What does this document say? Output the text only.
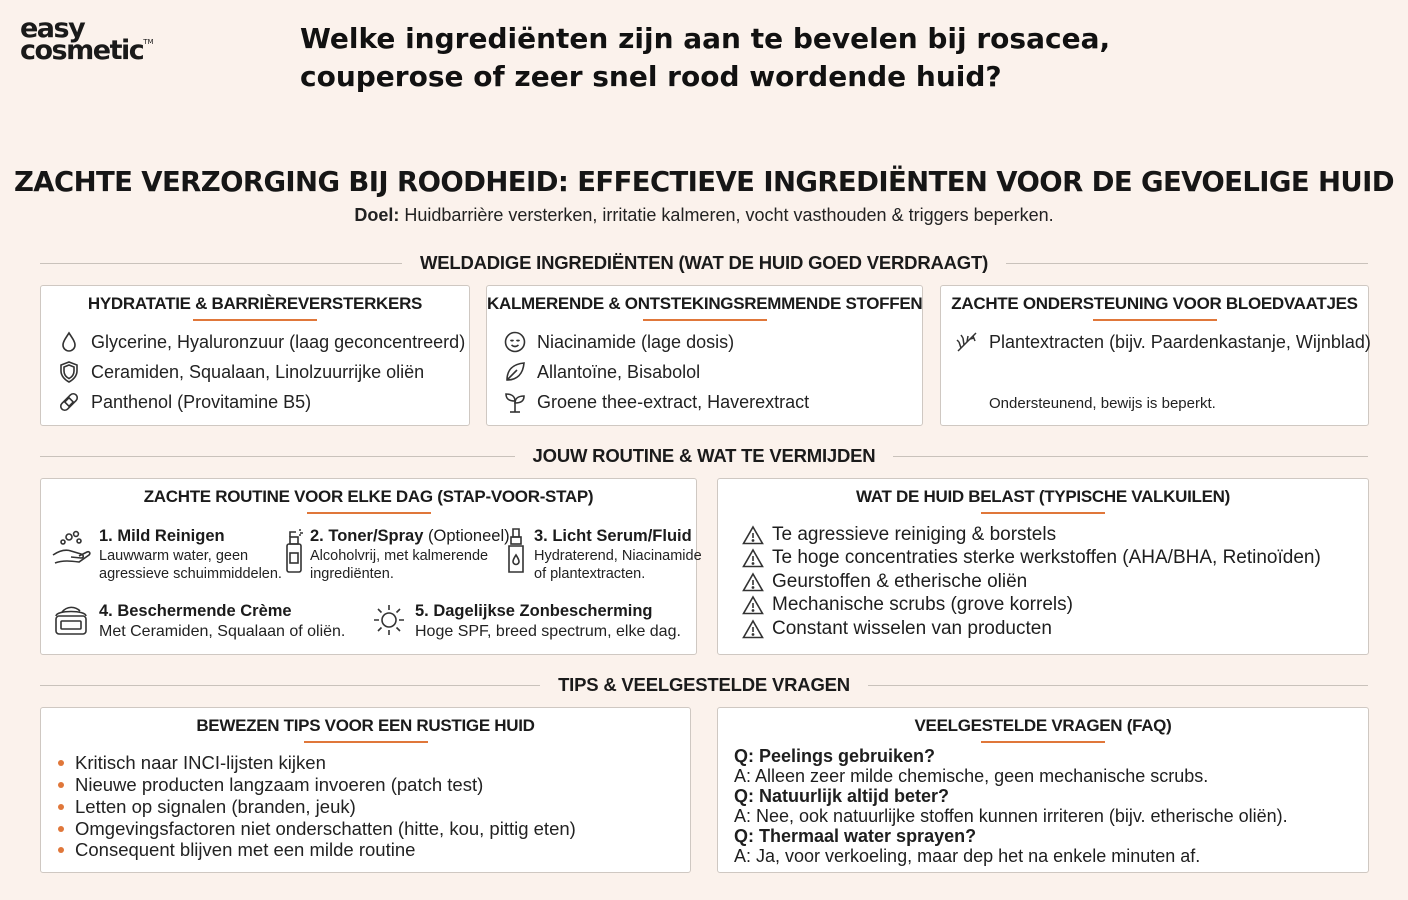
easy
cosmetic™	Welke ingrediënten zijn aan te bevelen bij rosacea,
couperose of zeer snel rood wordende huid?
ZACHTE VERZORGING BIJ ROODHEID: EFFECTIEVE INGREDIËNTEN VOOR DE GEVOELIGE HUID
Doel: Huidbarrière versterken, irritatie kalmeren, vocht vasthouden & triggers beperken.
WELDADIGE INGREDIËNTEN (WAT DE HUID GOED VERDRAAGT)
HYDRATATIE & BARRIÈREVERSTERKERS
Glycerine, Hyaluronzuur (laag geconcentreerd)
Ceramiden, Squalaan, Linolzuurrijke oliën
Panthenol (Provitamine B5)
KALMERENDE & ONTSTEKINGSREMMENDE STOFFEN
Niacinamide (lage dosis)
Allantoïne, Bisabolol
Groene thee-extract, Haverextract
ZACHTE ONDERSTEUNING VOOR BLOEDVAATJES
Plantextracten (bijv. Paardenkastanje, Wijnblad)
Ondersteunend, bewijs is beperkt.
JOUW ROUTINE & WAT TE VERMIJDEN
ZACHTE ROUTINE VOOR ELKE DAG (STAP-VOOR-STAP)
1. Mild Reinigen
Lauwwarm water, geen
agressieve schuimmiddelen.
2. Toner/Spray (Optioneel)
Alcoholvrij, met kalmerende
ingrediënten.
3. Licht Serum/Fluid
Hydraterend, Niacinamide
of plantextracten.
4. Beschermende Crème
Met Ceramiden, Squalaan of oliën.
5. Dagelijkse Zonbescherming
Hoge SPF, breed spectrum, elke dag.
WAT DE HUID BELAST (TYPISCHE VALKUILEN)
Te agressieve reiniging & borstels
Te hoge concentraties sterke werkstoffen (AHA/BHA, Retinoïden)
Geurstoffen & etherische oliën
Mechanische scrubs (grove korrels)
Constant wisselen van producten
TIPS & VEELGESTELDE VRAGEN
BEWEZEN TIPS VOOR EEN RUSTIGE HUID
Kritisch naar INCI-lijsten kijken
Nieuwe producten langzaam invoeren (patch test)
Letten op signalen (branden, jeuk)
Omgevingsfactoren niet onderschatten (hitte, kou, pittig eten)
Consequent blijven met een milde routine
VEELGESTELDE VRAGEN (FAQ)
Q: Peelings gebruiken?
A: Alleen zeer milde chemische, geen mechanische scrubs.
Q: Natuurlijk altijd beter?
A: Nee, ook natuurlijke stoffen kunnen irriteren (bijv. etherische oliën).
Q: Thermaal water sprayen?
A: Ja, voor verkoeling, maar dep het na enkele minuten af.
